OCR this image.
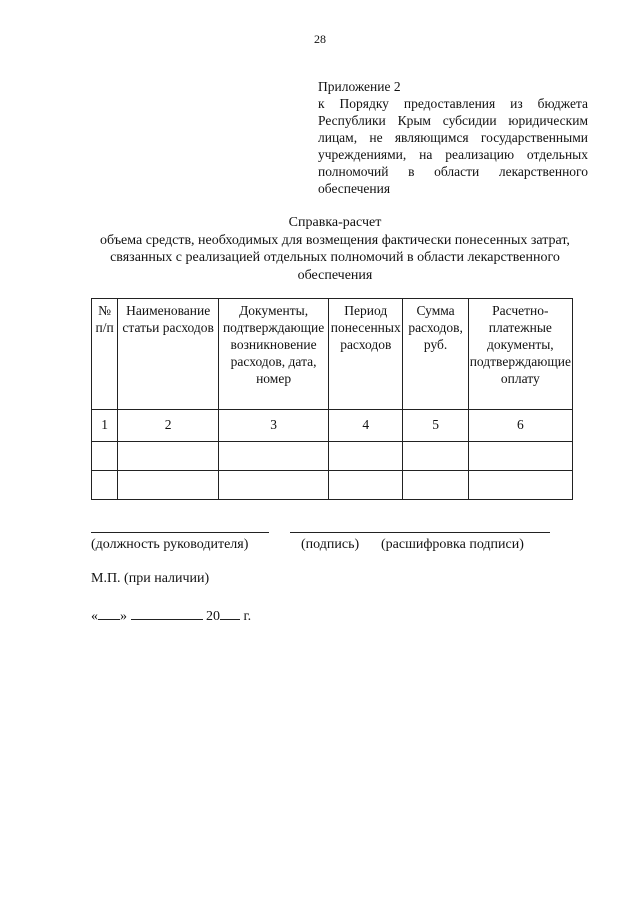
28
Приложение 2
к Порядку предоставления из бюджета Республики Крым субсидии юридическим лицам, не являющимся государственными учреждениями, на реализацию отдельных полномочий в области лекарственного обеспечения
Справка-расчет
объема средств, необходимых для возмещения фактически понесенных затрат, связанных с реализацией отдельных полномочий в области лекарственного обеспечения
№ п/п	Наименование статьи расходов	Документы, подтверждающие возникновение расходов, дата, номер	Период понесенных расходов	Сумма расходов, руб.	Расчетно-платежные документы, подтверждающие оплату
1	2	3	4	5	6

(должность руководителя)	(подпись) (расшифровка подписи)
М.П. (при наличии)
« »	20 г.
